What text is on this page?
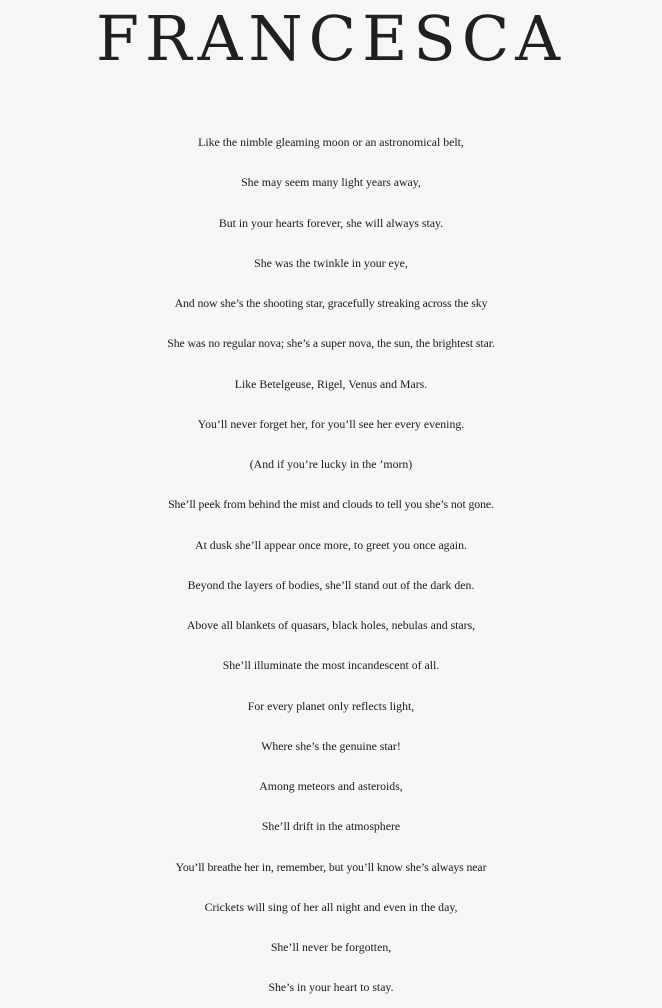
FRANCESCA
Like the nimble gleaming moon or an astronomical belt,
She may seem many light years away,
But in your hearts forever, she will always stay.
She was the twinkle in your eye,
And now she’s the shooting star, gracefully streaking across the sky
She was no regular nova; she’s a super nova, the sun, the brightest star.
Like Betelgeuse, Rigel, Venus and Mars.
You’ll never forget her, for you’ll see her every evening.
(And if you’re lucky in the ’morn)
She’ll peek from behind the mist and clouds to tell you she’s not gone.
At dusk she’ll appear once more, to greet you once again.
Beyond the layers of bodies, she’ll stand out of the dark den.
Above all blankets of quasars, black holes, nebulas and stars,
She’ll illuminate the most incandescent of all.
For every planet only reflects light,
Where she’s the genuine star!
Among meteors and asteroids,
She’ll drift in the atmosphere
You’ll breathe her in, remember, but you’ll know she’s always near
Crickets will sing of her all night and even in the day,
She’ll never be forgotten,
She’s in your heart to stay.
